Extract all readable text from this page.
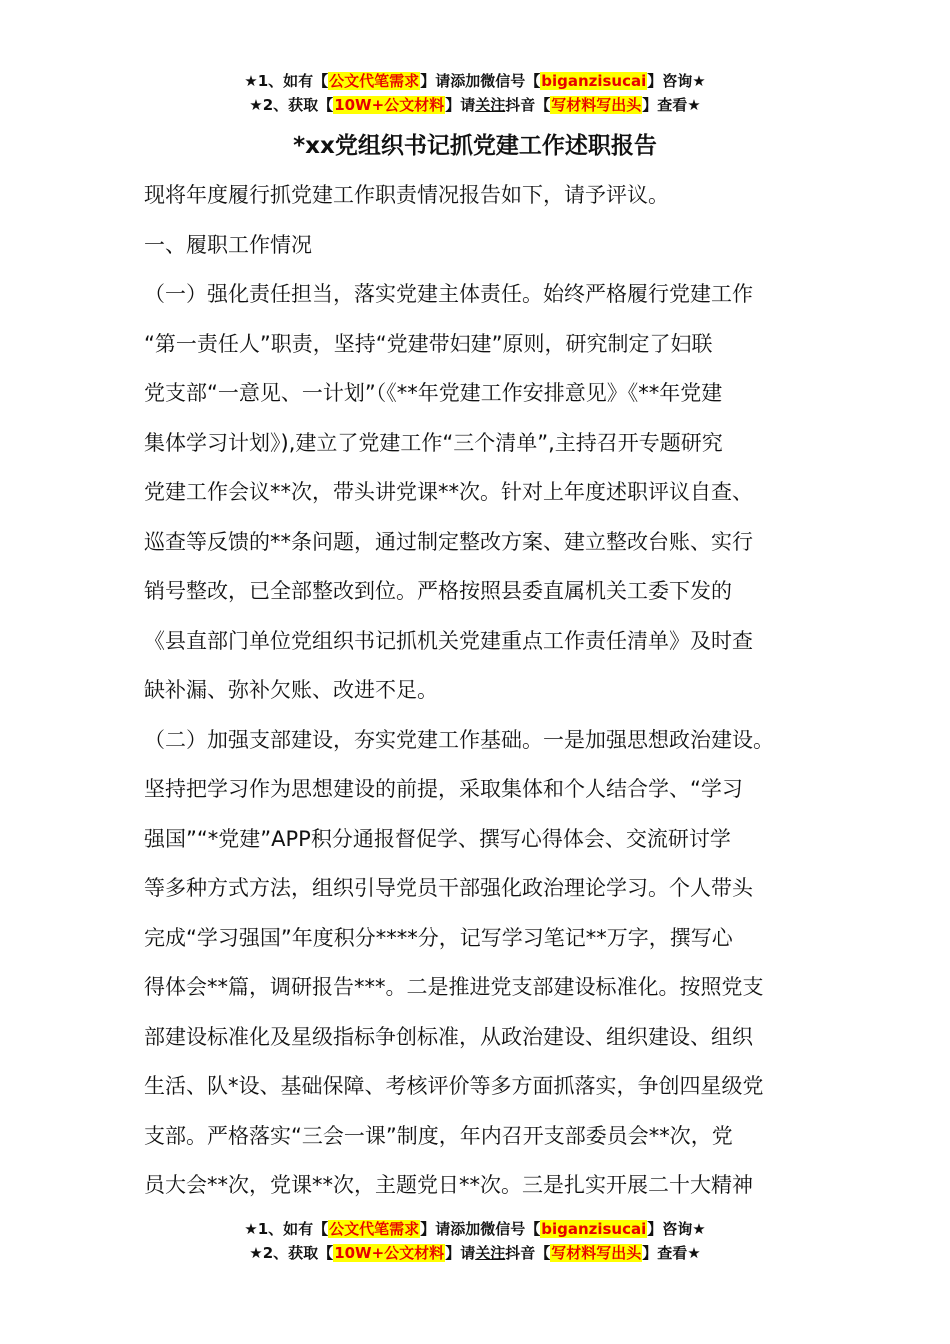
★1、如有【公文代笔需求】请添加微信号【biganzisucai】咨询★
★2、获取【10W+公文材料】请关注抖音【写材料写出头】查看★
*xx党组织书记抓党建工作述职报告
现将年度履行抓党建工作职责情况报告如下，请予评议。
一、履职工作情况
（一）强化责任担当，落实党建主体责任。始终严格履行党建工作
“第一责任人”职责，坚持“党建带妇建”原则，研究制定了妇联
党支部“一意见、一计划”（《**年党建工作安排意见》《**年党建
集体学习计划》),建立了党建工作“三个清单”,主持召开专题研究
党建工作会议**次，带头讲党课**次。针对上年度述职评议自查、
巡查等反馈的**条问题，通过制定整改方案、建立整改台账、实行
销号整改，已全部整改到位。严格按照县委直属机关工委下发的
《县直部门单位党组织书记抓机关党建重点工作责任清单》及时查
缺补漏、弥补欠账、改进不足。
（二）加强支部建设，夯实党建工作基础。一是加强思想政治建设。
坚持把学习作为思想建设的前提，采取集体和个人结合学、“学习
强国”“*党建”APP积分通报督促学、撰写心得体会、交流研讨学
等多种方式方法，组织引导党员干部强化政治理论学习。个人带头
完成“学习强国”年度积分****分，记写学习笔记**万字，撰写心
得体会**篇，调研报告***。二是推进党支部建设标准化。按照党支
部建设标准化及星级指标争创标准，从政治建设、组织建设、组织
生活、队*设、基础保障、考核评价等多方面抓落实，争创四星级党
支部。严格落实“三会一课”制度，年内召开支部委员会**次，党
员大会**次，党课**次，主题党日**次。三是扎实开展二十大精神
★1、如有【公文代笔需求】请添加微信号【biganzisucai】咨询★
★2、获取【10W+公文材料】请关注抖音【写材料写出头】查看★
